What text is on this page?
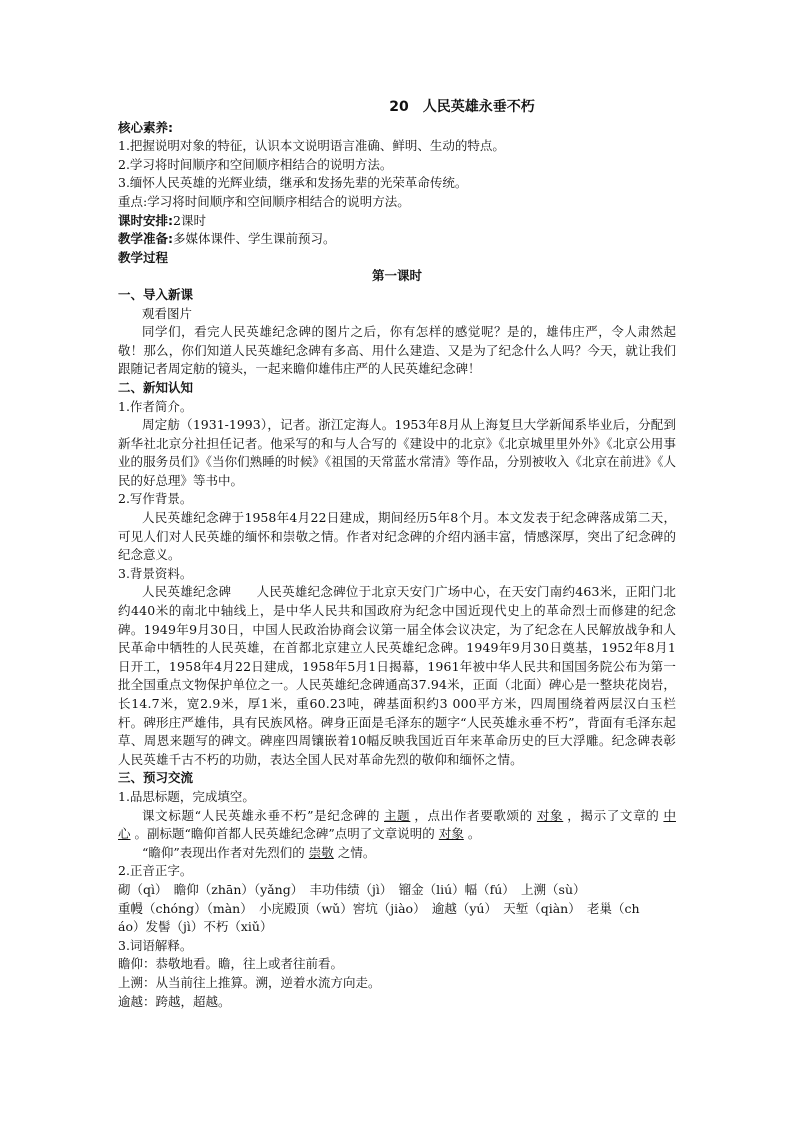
20　人民英雄永垂不朽
核心素养:
1.把握说明对象的特征，认识本文说明语言准确、鲜明、生动的特点。
2.学习将时间顺序和空间顺序相结合的说明方法。
3.缅怀人民英雄的光辉业绩，继承和发扬先辈的光荣革命传统。
重点:学习将时间顺序和空间顺序相结合的说明方法。
课时安排:2课时
教学准备:多媒体课件、学生课前预习。
教学过程
第一课时
一、导入新课
观看图片
同学们，看完人民英雄纪念碑的图片之后，你有怎样的感觉呢？是的，雄伟庄严，令人肃然起敬！那么，你们知道人民英雄纪念碑有多高、用什么建造、又是为了纪念什么人吗？今天，就让我们跟随记者周定舫的镜头，一起来瞻仰雄伟庄严的人民英雄纪念碑！
二、新知认知
1.作者简介。
周定舫（1931-1993），记者。浙江定海人。1953年8月从上海复旦大学新闻系毕业后，分配到新华社北京分社担任记者。他采写的和与人合写的《建设中的北京》《北京城里里外外》《北京公用事业的服务员们》《当你们熟睡的时候》《祖国的天常蓝水常清》等作品，分别被收入《北京在前进》《人民的好总理》等书中。
2.写作背景。
人民英雄纪念碑于1958年4月22日建成，期间经历5年8个月。本文发表于纪念碑落成第二天，可见人们对人民英雄的缅怀和崇敬之情。作者对纪念碑的介绍内涵丰富，情感深厚，突出了纪念碑的纪念意义。
3.背景资料。
人民英雄纪念碑　　人民英雄纪念碑位于北京天安门广场中心，在天安门南约463米，正阳门北约440米的南北中轴线上，是中华人民共和国政府为纪念中国近现代史上的革命烈士而修建的纪念碑。1949年9月30日，中国人民政治协商会议第一届全体会议决定，为了纪念在人民解放战争和人民革命中牺牲的人民英雄，在首都北京建立人民英雄纪念碑。1949年9月30日奠基，1952年8月1日开工，1958年4月22日建成，1958年5月1日揭幕，1961年被中华人民共和国国务院公布为第一批全国重点文物保护单位之一。人民英雄纪念碑通高37.94米，正面（北面）碑心是一整块花岗岩，长14.7米，宽2.9米，厚1米，重60.23吨，碑基面积约3 000平方米，四周围绕着两层汉白玉栏杆。碑形庄严雄伟，具有民族风格。碑身正面是毛泽东的题字“人民英雄永垂不朽”，背面有毛泽东起草、周恩来题写的碑文。碑座四周镶嵌着10幅反映我国近百年来革命历史的巨大浮雕。纪念碑表彰人民英雄千古不朽的功勋，表达全国人民对革命先烈的敬仰和缅怀之情。
三、预习交流
1.品思标题，完成填空。
课文标题“人民英雄永垂不朽”是纪念碑的 主题 ，点出作者要歌颂的 对象 ，揭示了文章的 中心 。副标题“瞻仰首都人民英雄纪念碑”点明了文章说明的 对象 。
“瞻仰”表现出作者对先烈们的 崇敬 之情。
2.正音正字。
砌（qì）　瞻仰（zhān）（yǎng）　丰功伟绩（jì）　镏金（liú）幅（fú）　上溯（sù）
重幔（chóng）（màn）　小庑殿顶（wǔ）窖坑（jiào）　逾越（yú）　天堑（qiàn）　老巢（ch
áo）发髻（jì）不朽（xiǔ）
3.词语解释。
瞻仰：恭敬地看。瞻，往上或者往前看。
上溯：从当前往上推算。溯，逆着水流方向走。
逾越：跨越，超越。
